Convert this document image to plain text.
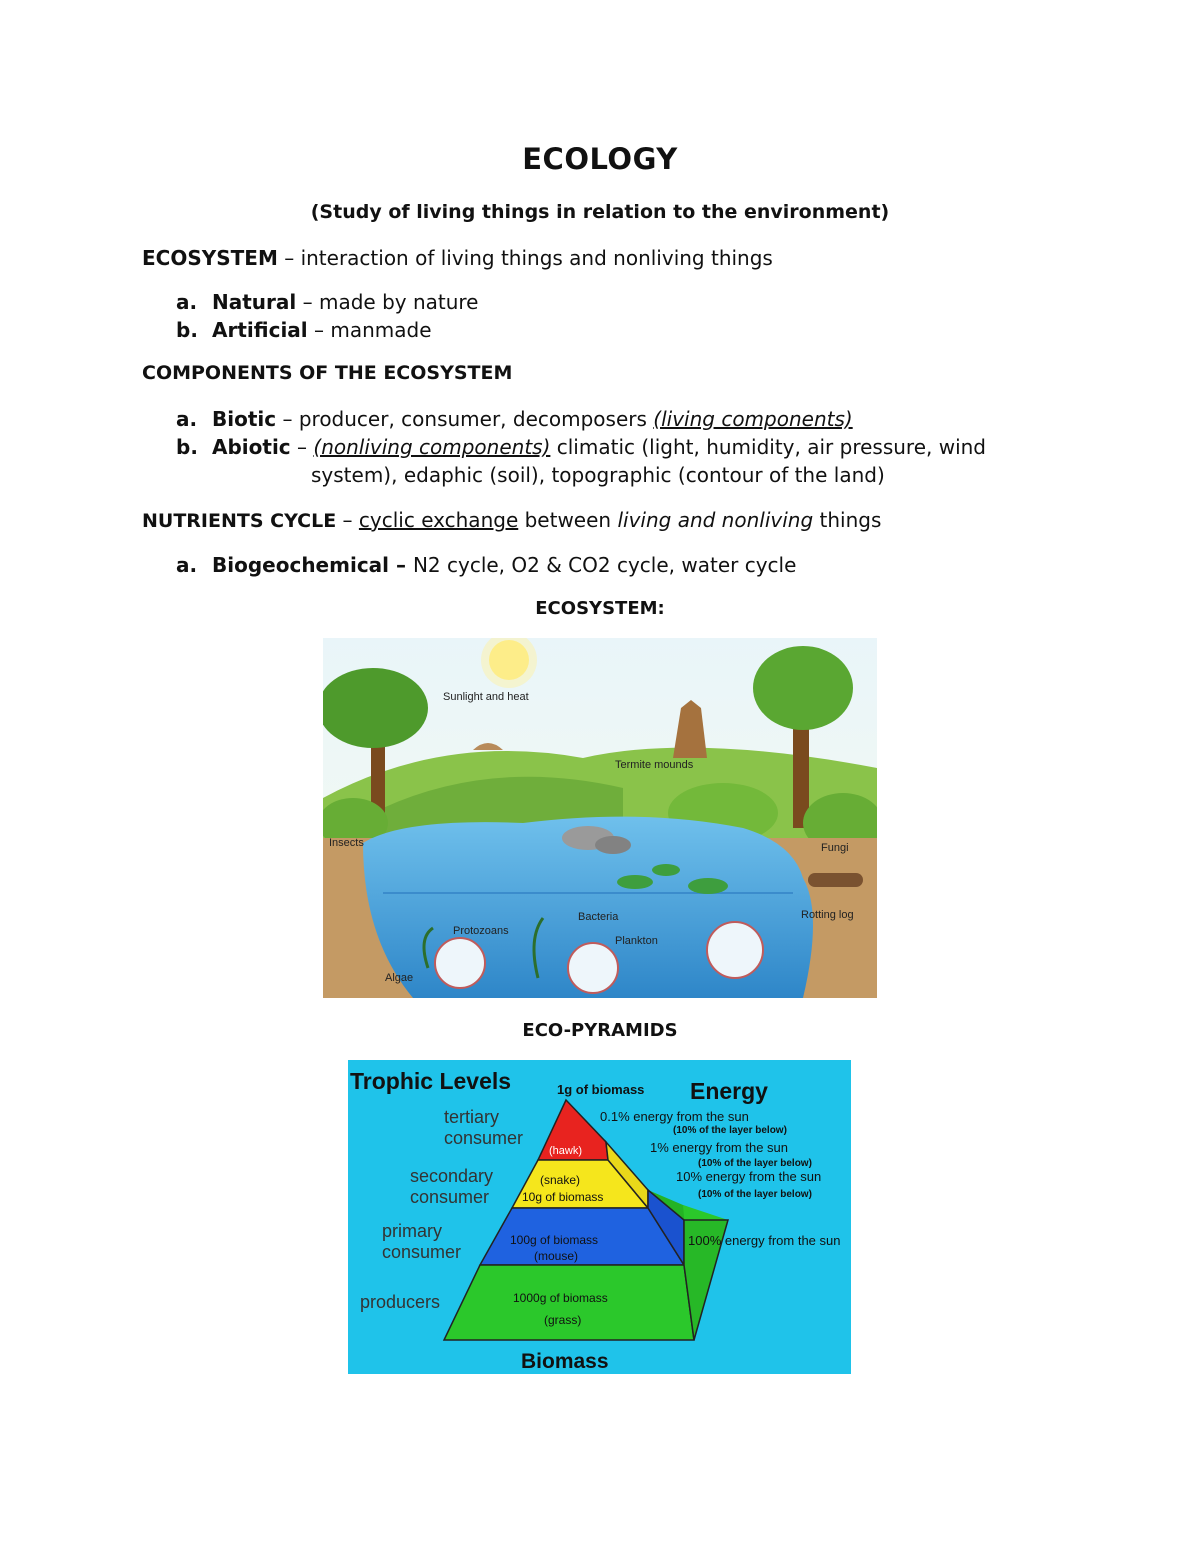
ECOLOGY
(Study of living things in relation to the environment)
ECOSYSTEM – interaction of living things and nonliving things
a. Natural – made by nature
b. Artificial – manmade
COMPONENTS OF THE ECOSYSTEM
a. Biotic – producer, consumer, decomposers (living components)
b. Abiotic – (nonliving components) climatic (light, humidity, air pressure, wind
system), edaphic (soil), topographic (contour of the land)
NUTRIENTS CYCLE – cyclic exchange between living and nonliving things
a. Biogeochemical – N2 cycle, O2 & CO2 cycle, water cycle
ECOSYSTEM:
Sunlight and heat
Termite mounds
Insects	Fungi
Rotting log
Bacteria
Protozoans
Plankton
Algae
ECO-PYRAMIDS
Trophic Levels	Energy
Biomass
1g of biomass
tertiary
consumer
secondary
consumer
primary
consumer
producers
(hawk)
(snake)
10g of biomass
100g of biomass
(mouse)
1000g of biomass
(grass)
0.1% energy from the sun
(10% of the layer below)
1% energy from the sun
(10% of the layer below)
10% energy from the sun
(10% of the layer below)
100% energy from the sun
